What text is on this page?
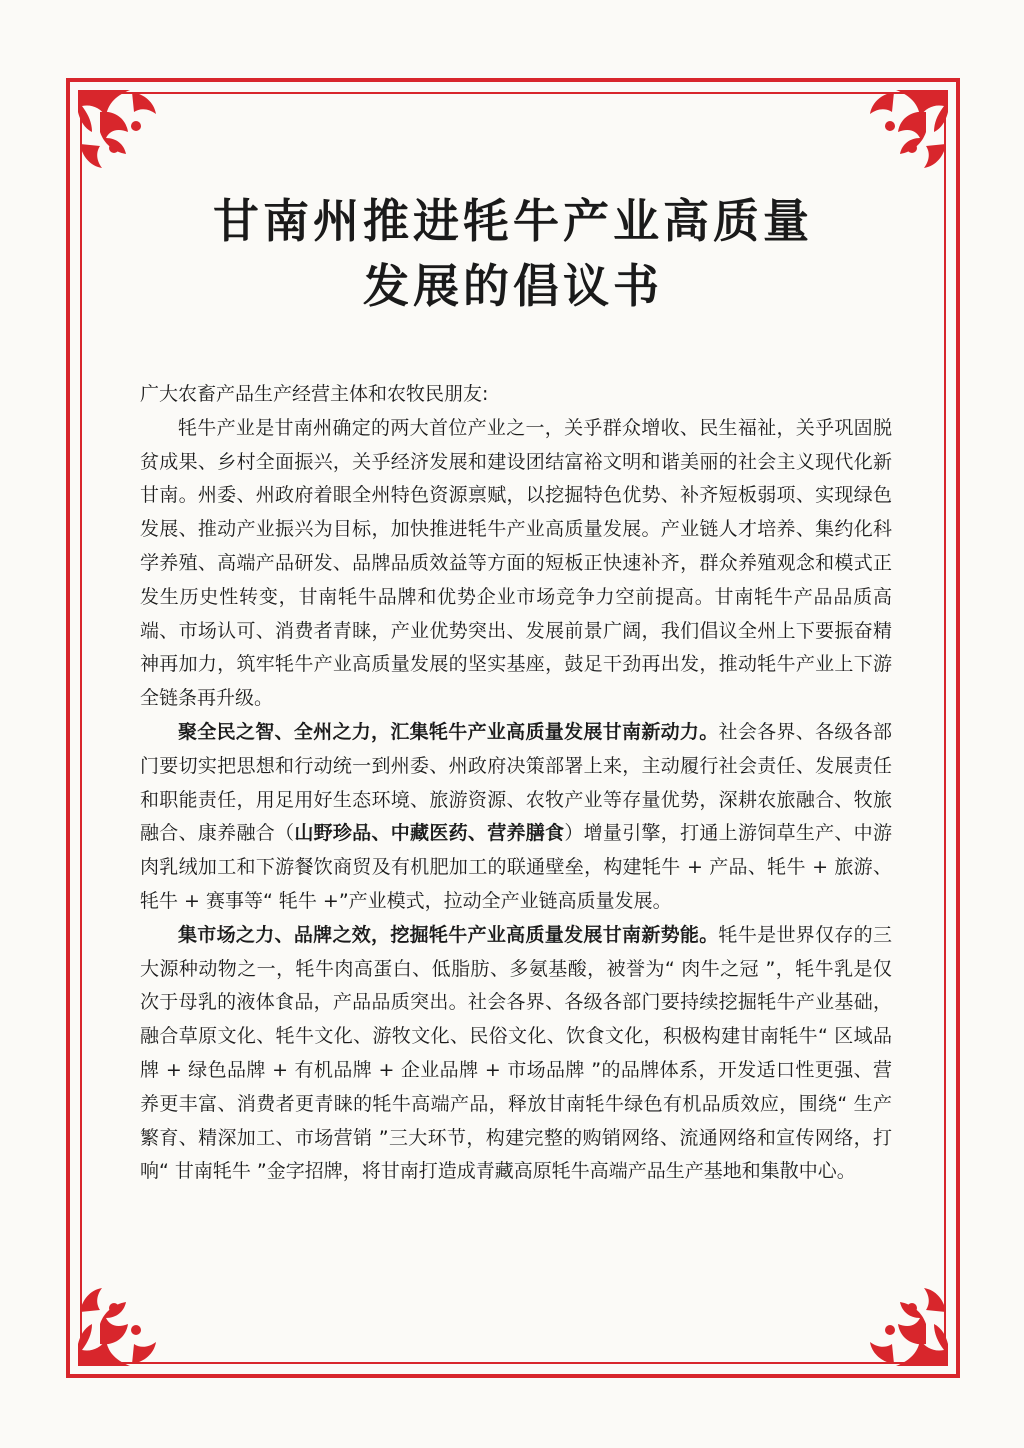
甘南州推进牦牛产业高质量
发展的倡议书

广大农畜产品生产经营主体和农牧民朋友:

牦牛产业是甘南州确定的两大首位产业之一，关乎群众增收、民生福祉，关乎巩固脱贫成果、乡村全面振兴，关乎经济发展和建设团结富裕文明和谐美丽的社会主义现代化新甘南。州委、州政府着眼全州特色资源禀赋，以挖掘特色优势、补齐短板弱项、实现绿色发展、推动产业振兴为目标，加快推进牦牛产业高质量发展。产业链人才培养、集约化科学养殖、高端产品研发、品牌品质效益等方面的短板正快速补齐，群众养殖观念和模式正发生历史性转变，甘南牦牛品牌和优势企业市场竞争力空前提高。甘南牦牛产品品质高端、市场认可、消费者青睐，产业优势突出、发展前景广阔，我们倡议全州上下要振奋精神再加力，筑牢牦牛产业高质量发展的坚实基座，鼓足干劲再出发，推动牦牛产业上下游全链条再升级。

聚全民之智、全州之力，汇集牦牛产业高质量发展甘南新动力。社会各界、各级各部门要切实把思想和行动统一到州委、州政府决策部署上来，主动履行社会责任、发展责任和职能责任，用足用好生态环境、旅游资源、农牧产业等存量优势，深耕农旅融合、牧旅融合、康养融合（山野珍品、中藏医药、营养膳食）增量引擎，打通上游饲草生产、中游肉乳绒加工和下游餐饮商贸及有机肥加工的联通壁垒，构建牦牛 + 产品、牦牛 + 旅游、牦牛 + 赛事等“ 牦牛 +”产业模式，拉动全产业链高质量发展。

集市场之力、品牌之效，挖掘牦牛产业高质量发展甘南新势能。牦牛是世界仅存的三大源种动物之一，牦牛肉高蛋白、低脂肪、多氨基酸，被誉为“ 肉牛之冠 ”，牦牛乳是仅次于母乳的液体食品，产品品质突出。社会各界、各级各部门要持续挖掘牦牛产业基础，融合草原文化、牦牛文化、游牧文化、民俗文化、饮食文化，积极构建甘南牦牛“ 区域品牌 + 绿色品牌 + 有机品牌 + 企业品牌 + 市场品牌 ”的品牌体系，开发适口性更强、营养更丰富、消费者更青睐的牦牛高端产品，释放甘南牦牛绿色有机品质效应，围绕“ 生产繁育、精深加工、市场营销 ”三大环节，构建完整的购销网络、流通网络和宣传网络，打响“ 甘南牦牛 ”金字招牌，将甘南打造成青藏高原牦牛高端产品生产基地和集散中心。
